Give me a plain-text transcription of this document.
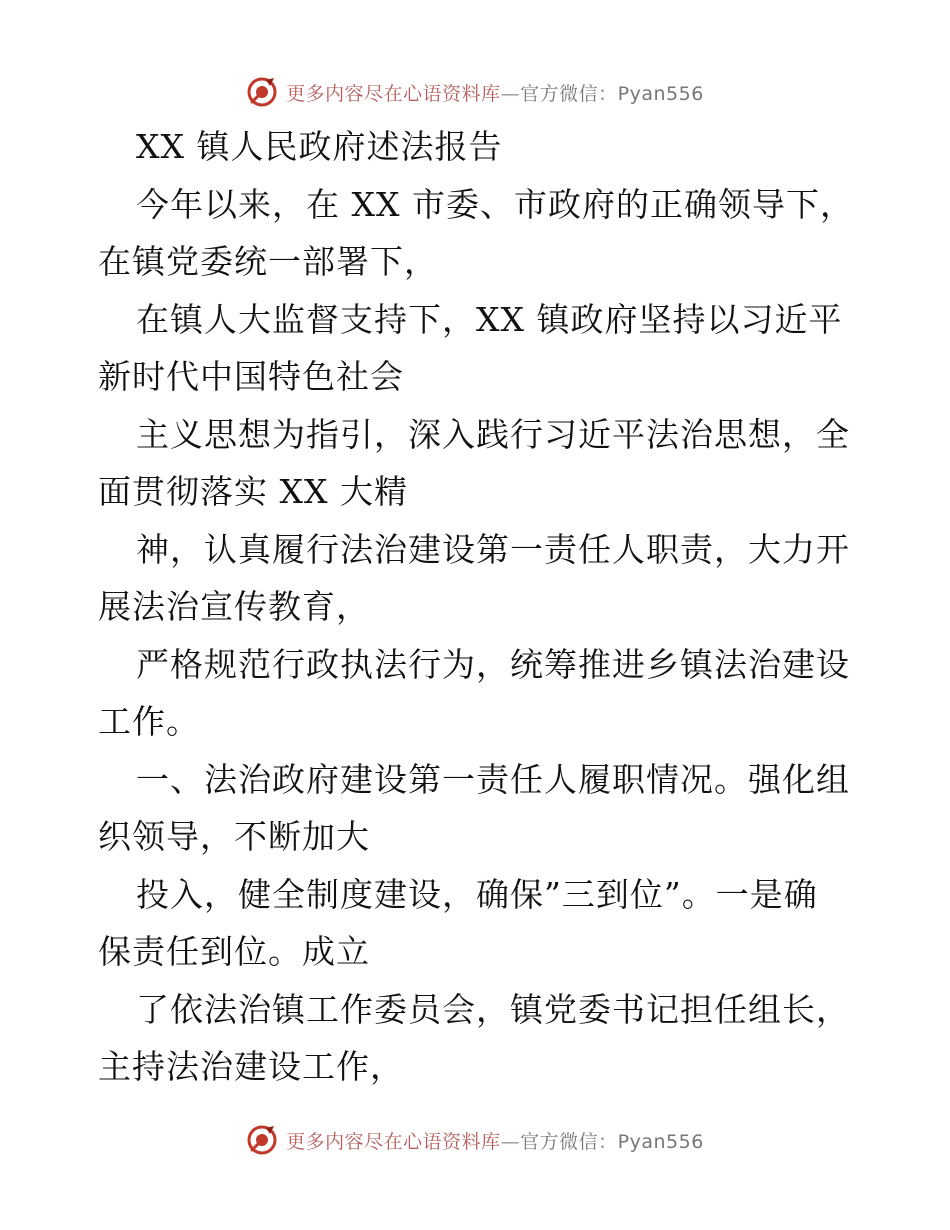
更多内容尽在心语资料库—官方微信：Pyan556
XX 镇人民政府述法报告
今年以来，在 XX 市委、市政府的正确领导下，
在镇党委统一部署下，
在镇人大监督支持下，XX 镇政府坚持以习近平
新时代中国特色社会
主义思想为指引，深入践行习近平法治思想，全
面贯彻落实 XX 大精
神，认真履行法治建设第一责任人职责，大力开
展法治宣传教育，
严格规范行政执法行为，统筹推进乡镇法治建设
工作。
一、法治政府建设第一责任人履职情况。强化组
织领导，不断加大
投入，健全制度建设，确保”三到位”。一是确
保责任到位。成立
了依法治镇工作委员会，镇党委书记担任组长，
主持法治建设工作，
更多内容尽在心语资料库—官方微信：Pyan556
